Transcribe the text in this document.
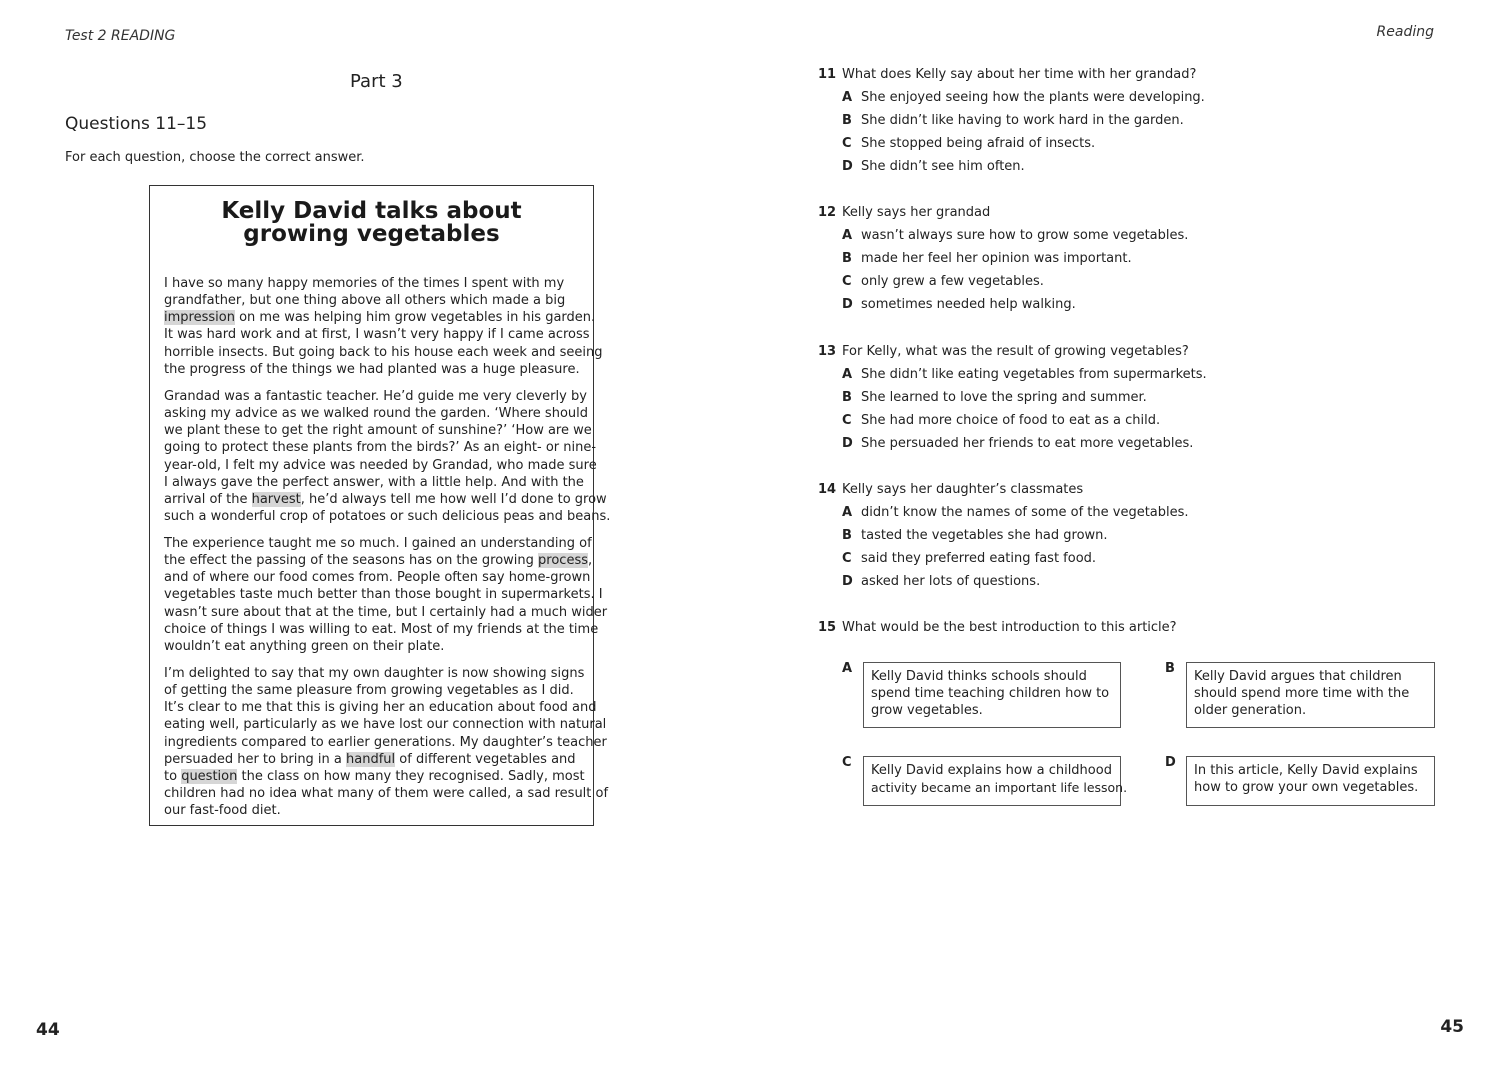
Test 2 READING	Reading
Part 3
Questions 11–15
For each question, choose the correct answer.
Kelly David talks about
growing vegetables
I have so many happy memories of the times I spent with my
grandfather, but one thing above all others which made a big
impression on me was helping him grow vegetables in his garden.
It was hard work and at first, I wasn’t very happy if I came across
horrible insects. But going back to his house each week and seeing
the progress of the things we had planted was a huge pleasure.
Grandad was a fantastic teacher. He’d guide me very cleverly by
asking my advice as we walked round the garden. ‘Where should
we plant these to get the right amount of sunshine?’ ‘How are we
going to protect these plants from the birds?’ As an eight- or nine-
year-old, I felt my advice was needed by Grandad, who made sure
I always gave the perfect answer, with a little help. And with the
arrival of the harvest, he’d always tell me how well I’d done to grow
such a wonderful crop of potatoes or such delicious peas and beans.
The experience taught me so much. I gained an understanding of
the effect the passing of the seasons has on the growing process,
and of where our food comes from. People often say home-grown
vegetables taste much better than those bought in supermarkets. I
wasn’t sure about that at the time, but I certainly had a much wider
choice of things I was willing to eat. Most of my friends at the time
wouldn’t eat anything green on their plate.
I’m delighted to say that my own daughter is now showing signs
of getting the same pleasure from growing vegetables as I did.
It’s clear to me that this is giving her an education about food and
eating well, particularly as we have lost our connection with natural
ingredients compared to earlier generations. My daughter’s teacher
persuaded her to bring in a handful of different vegetables and
to question the class on how many they recognised. Sadly, most
children had no idea what many of them were called, a sad result of
our fast-food diet.
44	45
11 What does Kelly say about her time with her grandad?
A She enjoyed seeing how the plants were developing.
B She didn’t like having to work hard in the garden.
C She stopped being afraid of insects.
D She didn’t see him often.
12 Kelly says her grandad
A wasn’t always sure how to grow some vegetables.
B made her feel her opinion was important.
C only grew a few vegetables.
D sometimes needed help walking.
13 For Kelly, what was the result of growing vegetables?
A She didn’t like eating vegetables from supermarkets.
B She learned to love the spring and summer.
C She had more choice of food to eat as a child.
D She persuaded her friends to eat more vegetables.
14 Kelly says her daughter’s classmates
A didn’t know the names of some of the vegetables.
B tasted the vegetables she had grown.
C said they preferred eating fast food.
D asked her lots of questions.
15 What would be the best introduction to this article?
A
Kelly David thinks schools should
spend time teaching children how to
grow vegetables.
B
Kelly David argues that children
should spend more time with the
older generation.
C
Kelly David explains how a childhood
activity became an important life lesson.
D
In this article, Kelly David explains
how to grow your own vegetables.
